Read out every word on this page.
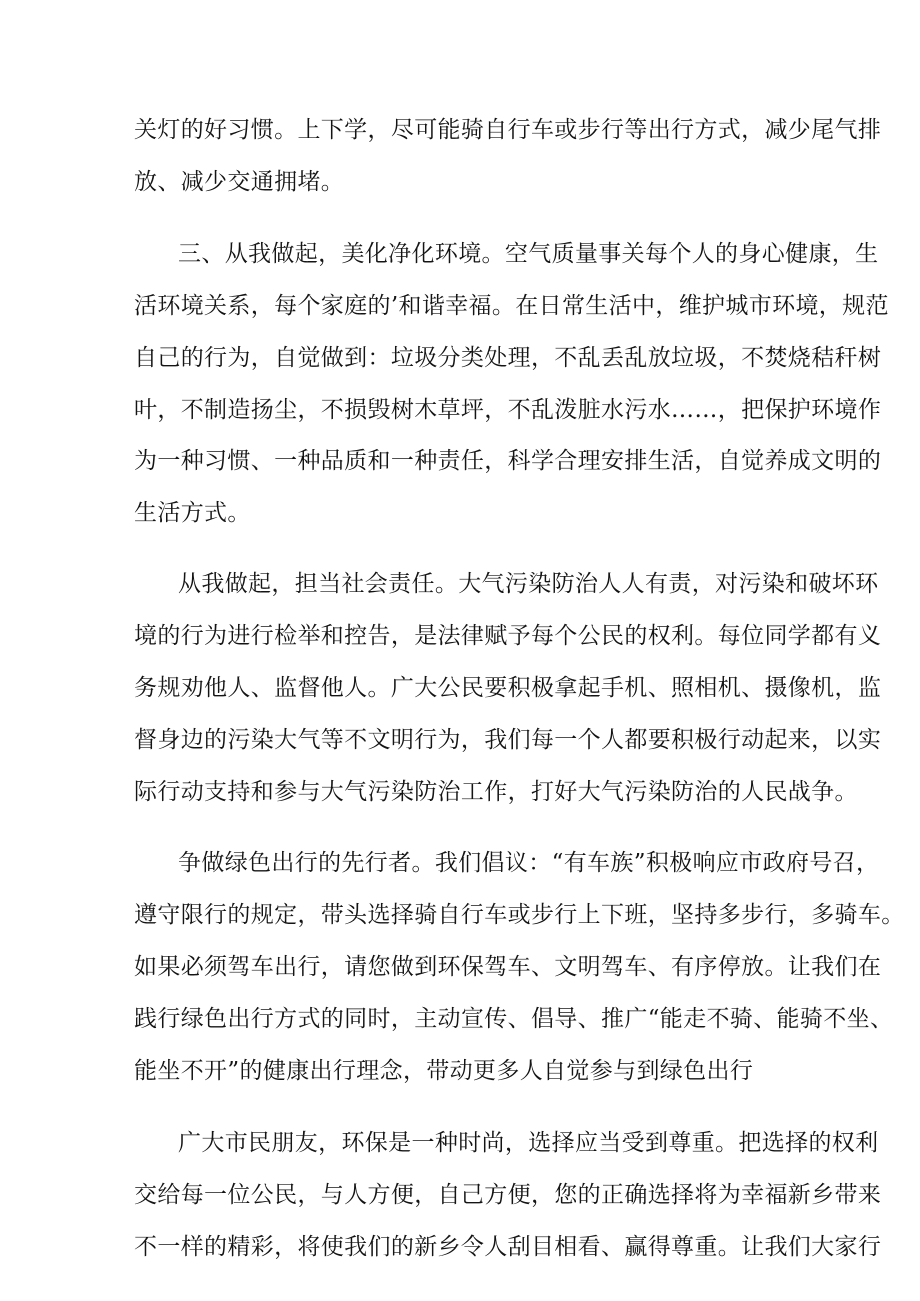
关灯的好习惯。上下学，尽可能骑自行车或步行等出行方式，减少尾气排
放、减少交通拥堵。
三、从我做起，美化净化环境。空气质量事关每个人的身心健康，生
活环境关系，每个家庭的’和谐幸福。在日常生活中，维护城市环境，规范
自己的行为，自觉做到：垃圾分类处理，不乱丢乱放垃圾，不焚烧秸秆树
叶，不制造扬尘，不损毁树木草坪，不乱泼脏水污水……，把保护环境作
为一种习惯、一种品质和一种责任，科学合理安排生活，自觉养成文明的
生活方式。
从我做起，担当社会责任。大气污染防治人人有责，对污染和破坏环
境的行为进行检举和控告，是法律赋予每个公民的权利。每位同学都有义
务规劝他人、监督他人。广大公民要积极拿起手机、照相机、摄像机，监
督身边的污染大气等不文明行为，我们每一个人都要积极行动起来，以实
际行动支持和参与大气污染防治工作，打好大气污染防治的人民战争。
争做绿色出行的先行者。我们倡议：“有车族”积极响应市政府号召，
遵守限行的规定，带头选择骑自行车或步行上下班，坚持多步行，多骑车。
如果必须驾车出行，请您做到环保驾车、文明驾车、有序停放。让我们在
践行绿色出行方式的同时，主动宣传、倡导、推广“能走不骑、能骑不坐、
能坐不开”的健康出行理念，带动更多人自觉参与到绿色出行
广大市民朋友，环保是一种时尚，选择应当受到尊重。把选择的权利
交给每一位公民，与人方便，自己方便，您的正确选择将为幸福新乡带来
不一样的精彩，将使我们的新乡令人刮目相看、赢得尊重。让我们大家行
